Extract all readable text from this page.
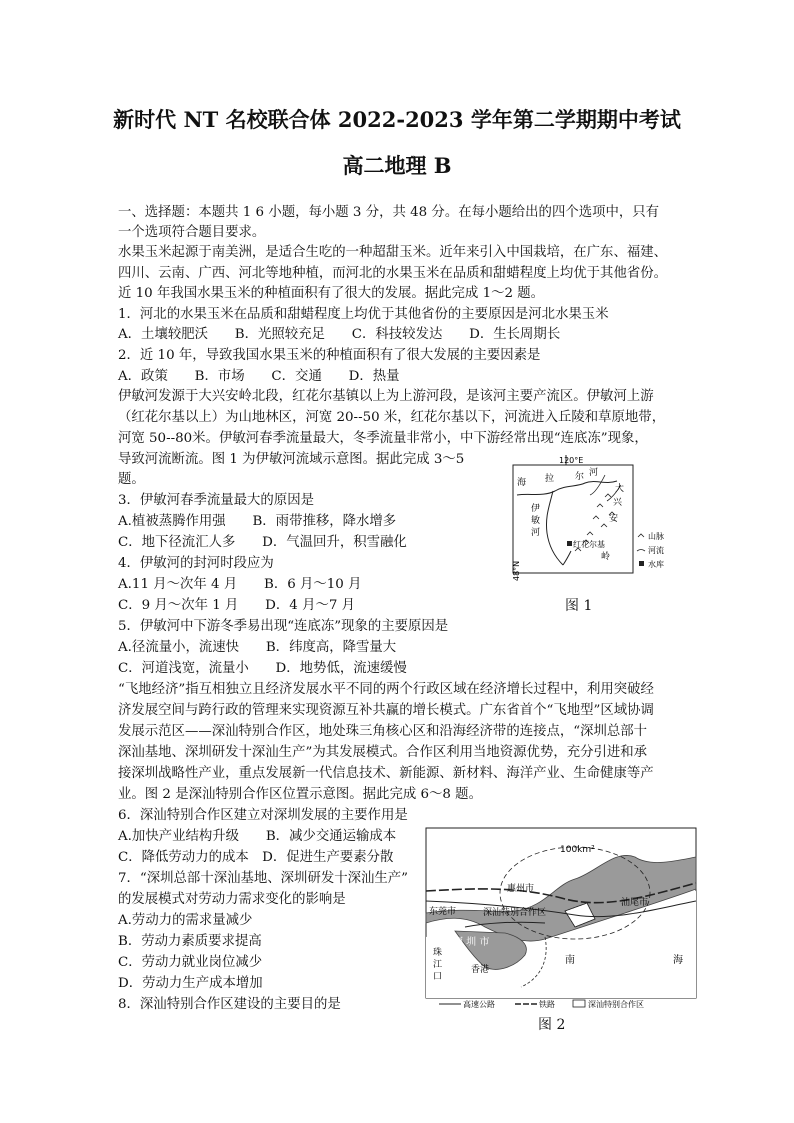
新时代 NT 名校联合体 2022-2023 学年第二学期期中考试
高二地理 B
一、选择题：本题共 1 6 小题，每小题 3 分，共 48 分。在每小题给出的四个选项中，只有
一个选项符合题目要求。
水果玉米起源于南美洲，是适合生吃的一种超甜玉米。近年来引入中国栽培，在广东、福建、
四川、云南、广西、河北等地种植，而河北的水果玉米在品质和甜蜡程度上均优于其他省份。
近 10 年我国水果玉米的种植面积有了很大的发展。据此完成 1～2 题。
1．河北的水果玉米在品质和甜蜡程度上均优于其他省份的主要原因是河北水果玉米
A．土壤较肥沃　　B．光照较充足　　C．科技较发达　　D．生长周期长
2．近 10 年，导致我国水果玉米的种植面积有了很大发展的主要因素是
A．政策　　B．市场　　C．交通　　D．热量
伊敏河发源于大兴安岭北段，红花尔基镇以上为上游河段，是该河主要产流区。伊敏河上游
（红花尔基以上）为山地林区，河宽 20--50 米，红花尔基以下，河流进入丘陵和草原地带，
河宽 50--80米。伊敏河春季流量最大，冬季流量非常小，中下游经常出现“连底冻”现象，
导致河流断流。图 1 为伊敏河流域示意图。据此完成 3～5
题。
3．伊敏河春季流量最大的原因是
A.植被蒸腾作用强　　B．雨带推移，降水增多
C．地下径流汇人多　　D．气温回升，积雪融化
4．伊敏河的封河时段应为
A.11 月～次年 4 月　　B．6 月～10 月
C．9 月～次年 1 月　　D．4 月～7 月
5．伊敏河中下游冬季易出现“连底冻”现象的主要原因是
A.径流量小，流速快　　B．纬度高，降雪量大
C．河道浅宽，流量小　　D．地势低，流速缓慢
“飞地经济”指互相独立且经济发展水平不同的两个行政区域在经济增长过程中，利用突破经
济发展空间与跨行政的管理来实现资源互补共赢的增长模式。广东省首个“飞地型”区域协调
发展示范区——深汕特别合作区，地处珠三角核心区和沿海经济带的连接点，“深圳总部十
深汕基地、深圳研发十深汕生产”为其发展模式。合作区利用当地资源优势，充分引进和承
接深圳战略性产业，重点发展新一代信息技术、新能源、新材料、海洋产业、生命健康等产
业。图 2 是深汕特别合作区位置示意图。据此完成 6～8 题。
6．深汕特别合作区建立对深圳发展的主要作用是
A.加快产业结构升级　　B．减少交通运输成本
C．降低劳动力的成本　D．促进生产要素分散
7．“深圳总部十深汕基地、深圳研发十深汕生产”
的发展模式对劳动力需求变化的影响是
A.劳动力的需求量减少
B．劳动力素质要求提高
C．劳动力就业岗位减少
D．劳动力生产成本增加
8．深汕特别合作区建设的主要目的是
120°E
48°N
海 拉 尔 河
大
兴
安
伊
敏
河
红花尔基
岭
山脉
河流
水库
图 1
100km²
惠州市
东莞市	深汕特别合作区
汕尾市
深 圳 市
珠
江
口
香港
南	海
高速公路	铁路	深汕特别合作区
图 2
